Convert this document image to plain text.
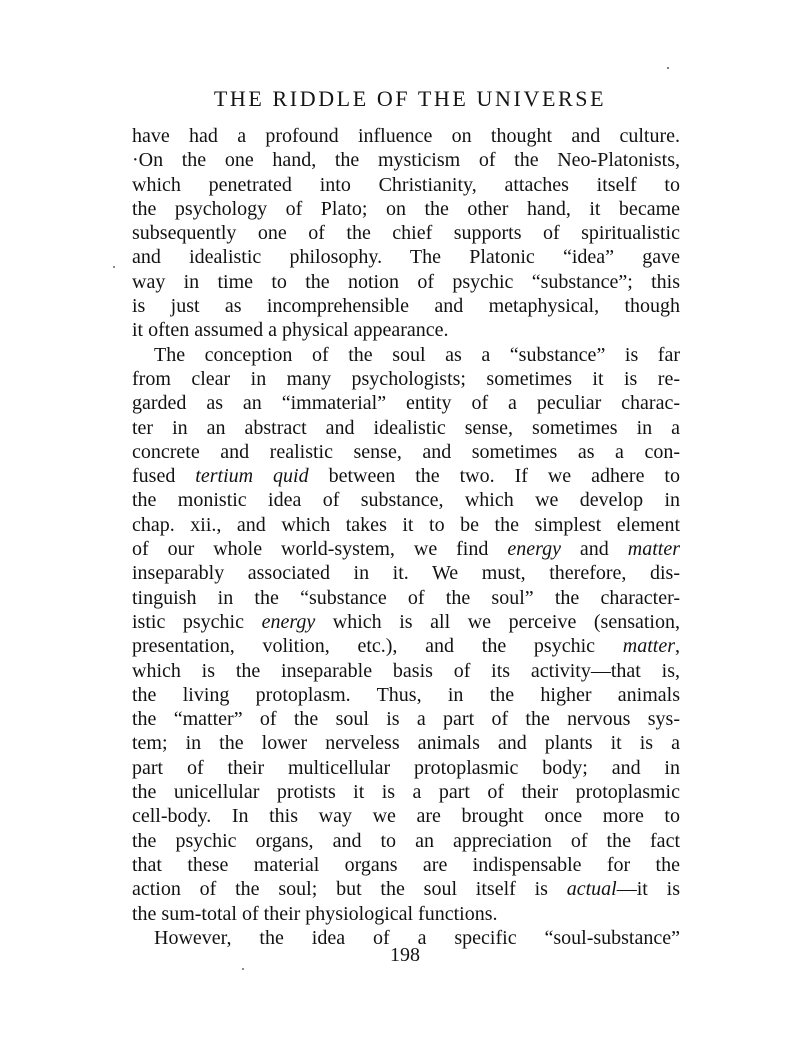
THE RIDDLE OF THE UNIVERSE
have had a profound influence on thought and culture.
·On the one hand, the mysticism of the Neo-Platonists,
which penetrated into Christianity, attaches itself to
the psychology of Plato; on the other hand, it became
subsequently one of the chief supports of spiritualistic
and idealistic philosophy. The Platonic “idea” gave
way in time to the notion of psychic “substance”; this
is just as incomprehensible and metaphysical, though
it often assumed a physical appearance.
The conception of the soul as a “substance” is far
from clear in many psychologists; sometimes it is re-
garded as an “immaterial” entity of a peculiar charac-
ter in an abstract and idealistic sense, sometimes in a
concrete and realistic sense, and sometimes as a con-
fused tertium quid between the two. If we adhere to
the monistic idea of substance, which we develop in
chap. xii., and which takes it to be the simplest element
of our whole world-system, we find energy and matter
inseparably associated in it. We must, therefore, dis-
tinguish in the “substance of the soul” the character-
istic psychic energy which is all we perceive (sensation,
presentation, volition, etc.), and the psychic matter,
which is the inseparable basis of its activity—that is,
the living protoplasm. Thus, in the higher animals
the “matter” of the soul is a part of the nervous sys-
tem; in the lower nerveless animals and plants it is a
part of their multicellular protoplasmic body; and in
the unicellular protists it is a part of their protoplasmic
cell-body. In this way we are brought once more to
the psychic organs, and to an appreciation of the fact
that these material organs are indispensable for the
action of the soul; but the soul itself is actual—it is
the sum-total of their physiological functions.
However, the idea of a specific “soul-substance”
198
